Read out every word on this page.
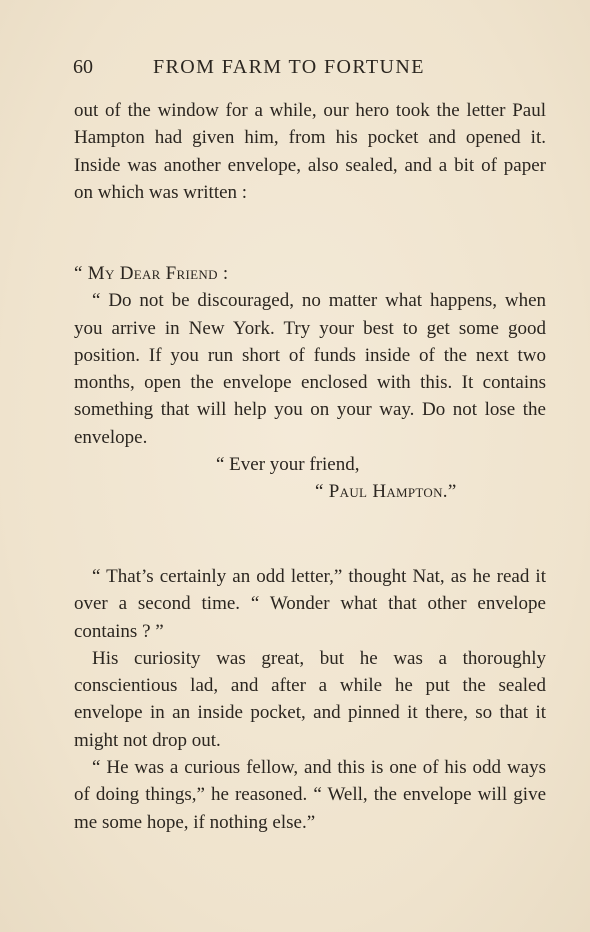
60	FROM FARM TO FORTUNE

out of the window for a while, our hero took the letter Paul Hampton had given him, from his pocket and opened it. Inside was another envelope, also sealed, and a bit of paper on which was written :

“ My Dear Friend :

“ Do not be discouraged, no matter what happens, when you arrive in New York. Try your best to get some good position. If you run short of funds inside of the next two months, open the envelope enclosed with this. It contains something that will help you on your way. Do not lose the envelope.

“ Ever your friend,

“ Paul Hampton.”

“ That’s certainly an odd letter,” thought Nat, as he read it over a second time. “ Wonder what that other envelope contains ? ”

His curiosity was great, but he was a thoroughly conscientious lad, and after a while he put the sealed envelope in an inside pocket, and pinned it there, so that it might not drop out.

“ He was a curious fellow, and this is one of his odd ways of doing things,” he reasoned. “ Well, the envelope will give me some hope, if nothing else.”
